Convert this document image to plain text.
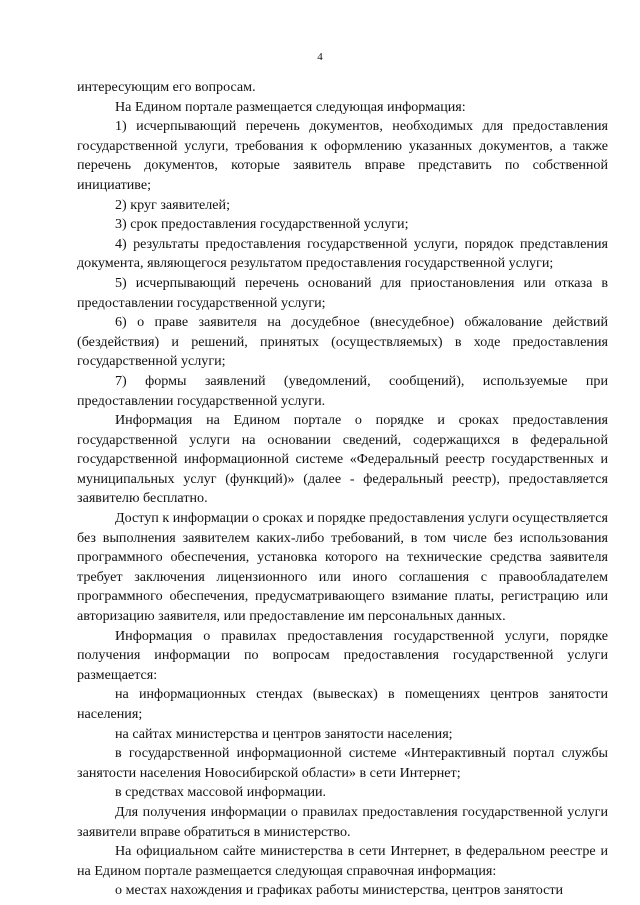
4

интересующим его вопросам.

На Едином портале размещается следующая информация:

1) исчерпывающий перечень документов, необходимых для предоставления государственной услуги, требования к оформлению указанных документов, а также перечень документов, которые заявитель вправе представить по собственной инициативе;

2) круг заявителей;

3) срок предоставления государственной услуги;

4) результаты предоставления государственной услуги, порядок представления документа, являющегося результатом предоставления государственной услуги;

5) исчерпывающий перечень оснований для приостановления или отказа в предоставлении государственной услуги;

6) о праве заявителя на досудебное (внесудебное) обжалование действий (бездействия) и решений, принятых (осуществляемых) в ходе предоставления государственной услуги;

7) формы заявлений (уведомлений, сообщений), используемые при предоставлении государственной услуги.

Информация на Едином портале о порядке и сроках предоставления государственной услуги на основании сведений, содержащихся в федеральной государственной информационной системе «Федеральный реестр государственных и муниципальных услуг (функций)» (далее - федеральный реестр), предоставляется заявителю бесплатно.

Доступ к информации о сроках и порядке предоставления услуги осуществляется без выполнения заявителем каких-либо требований, в том числе без использования программного обеспечения, установка которого на технические средства заявителя требует заключения лицензионного или иного соглашения с правообладателем программного обеспечения, предусматривающего взимание платы, регистрацию или авторизацию заявителя, или предоставление им персональных данных.

Информация о правилах предоставления государственной услуги, порядке получения информации по вопросам предоставления государственной услуги размещается:

на информационных стендах (вывесках) в помещениях центров занятости населения;

на сайтах министерства и центров занятости населения;

в государственной информационной системе «Интерактивный портал службы занятости населения Новосибирской области» в сети Интернет;

в средствах массовой информации.

Для получения информации о правилах предоставления государственной услуги заявители вправе обратиться в министерство.

На официальном сайте министерства в сети Интернет, в федеральном реестре и на Едином портале размещается следующая справочная информация:

о местах нахождения и графиках работы министерства, центров занятости
